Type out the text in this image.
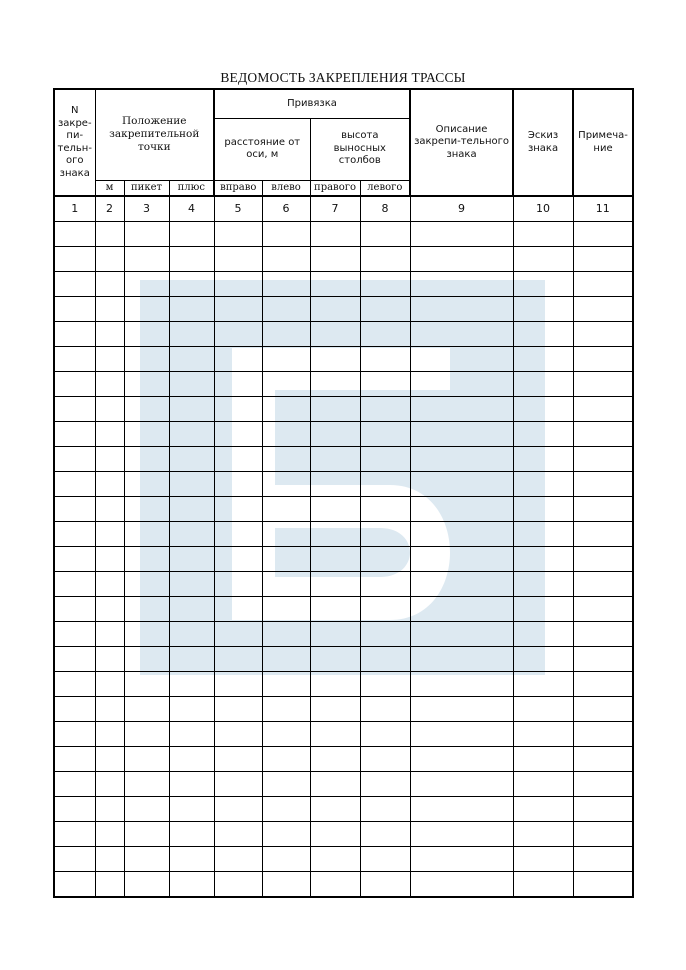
ВЕДОМОСТЬ ЗАКРЕПЛЕНИЯ ТРАССЫ
N закре-пи-тельн-ого знака	Положение закрепительной точки			Привязка				Описание закрепи-тельного знака	Эскиз знака	Примеча-ние
				расстояние от оси, м		высота выносных столбов				
	м	пикет	плюс	вправо	влево	правого	левого			
1	2	3	4	5	6	7	8	9	10	11
